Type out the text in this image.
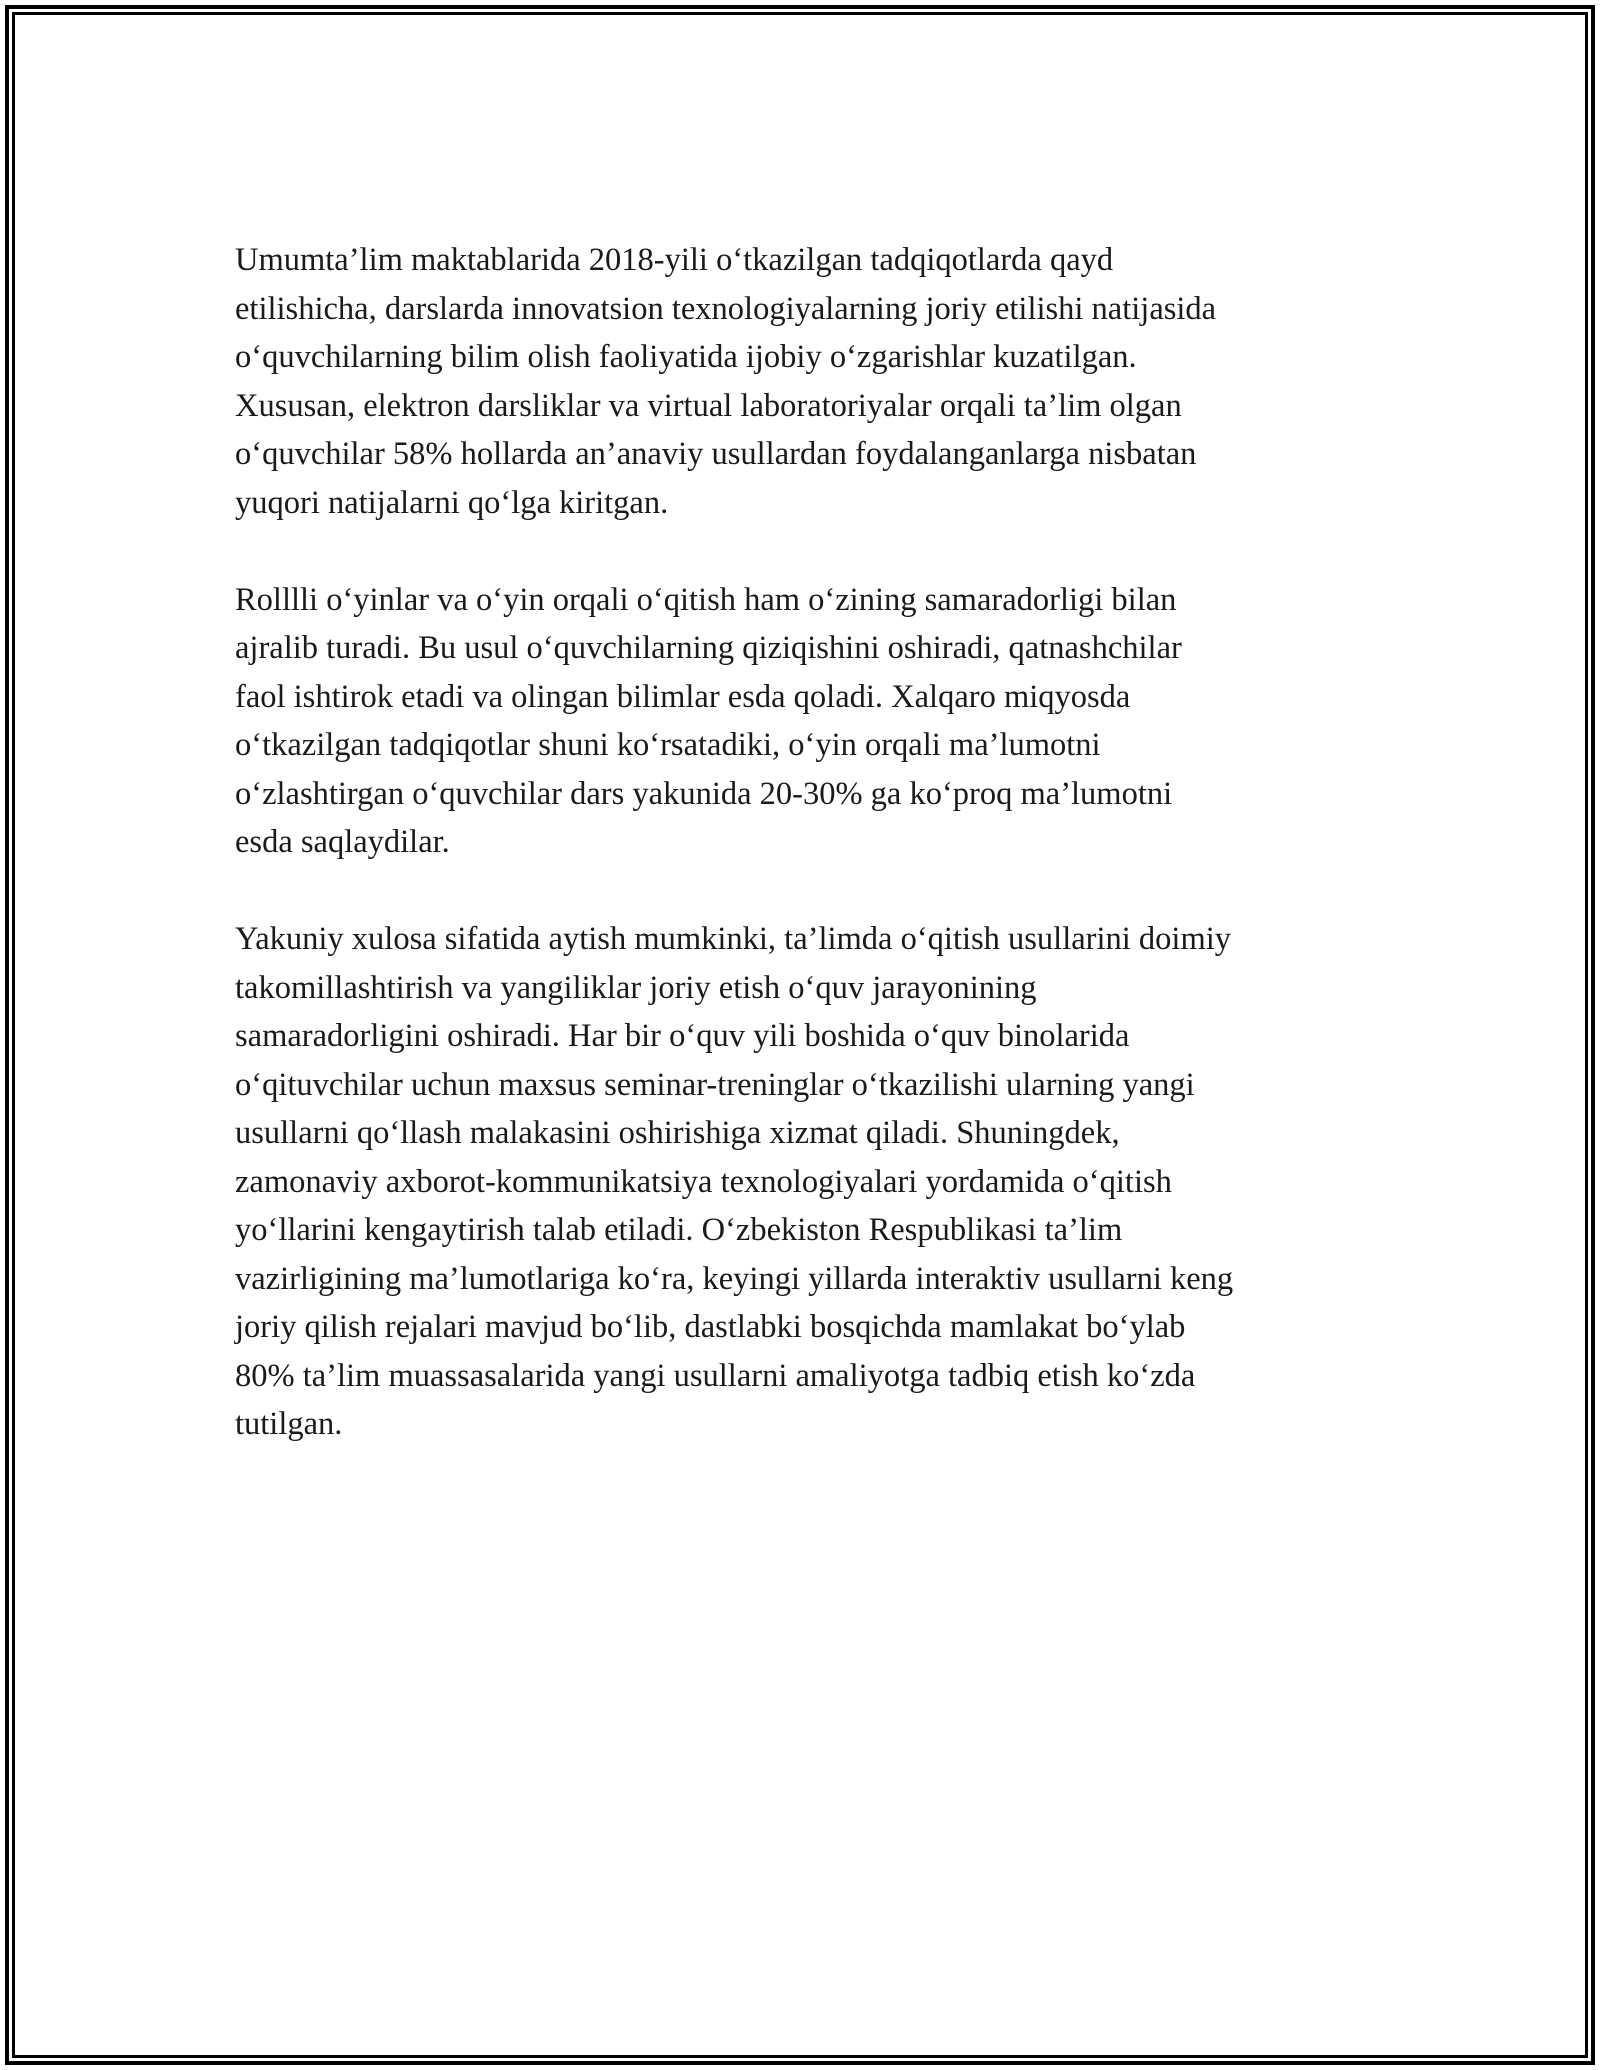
Umumta’lim maktablarida 2018-yili o‘tkazilgan tadqiqotlarda qayd
etilishicha, darslarda innovatsion texnologiyalarning joriy etilishi natijasida
o‘quvchilarning bilim olish faoliyatida ijobiy o‘zgarishlar kuzatilgan.
Xususan, elektron darsliklar va virtual laboratoriyalar orqali ta’lim olgan
o‘quvchilar 58% hollarda an’anaviy usullardan foydalanganlarga nisbatan
yuqori natijalarni qo‘lga kiritgan.

Rolllli o‘yinlar va o‘yin orqali o‘qitish ham o‘zining samaradorligi bilan
ajralib turadi. Bu usul o‘quvchilarning qiziqishini oshiradi, qatnashchilar
faol ishtirok etadi va olingan bilimlar esda qoladi. Xalqaro miqyosda
o‘tkazilgan tadqiqotlar shuni ko‘rsatadiki, o‘yin orqali ma’lumotni
o‘zlashtirgan o‘quvchilar dars yakunida 20-30% ga ko‘proq ma’lumotni
esda saqlaydilar.

Yakuniy xulosa sifatida aytish mumkinki, ta’limda o‘qitish usullarini doimiy
takomillashtirish va yangiliklar joriy etish o‘quv jarayonining
samaradorligini oshiradi. Har bir o‘quv yili boshida o‘quv binolarida
o‘qituvchilar uchun maxsus seminar-treninglar o‘tkazilishi ularning yangi
usullarni qo‘llash malakasini oshirishiga xizmat qiladi. Shuningdek,
zamonaviy axborot-kommunikatsiya texnologiyalari yordamida o‘qitish
yo‘llarini kengaytirish talab etiladi. O‘zbekiston Respublikasi ta’lim
vazirligining ma’lumotlariga ko‘ra, keyingi yillarda interaktiv usullarni keng
joriy qilish rejalari mavjud bo‘lib, dastlabki bosqichda mamlakat bo‘ylab
80% ta’lim muassasalarida yangi usullarni amaliyotga tadbiq etish ko‘zda
tutilgan.
